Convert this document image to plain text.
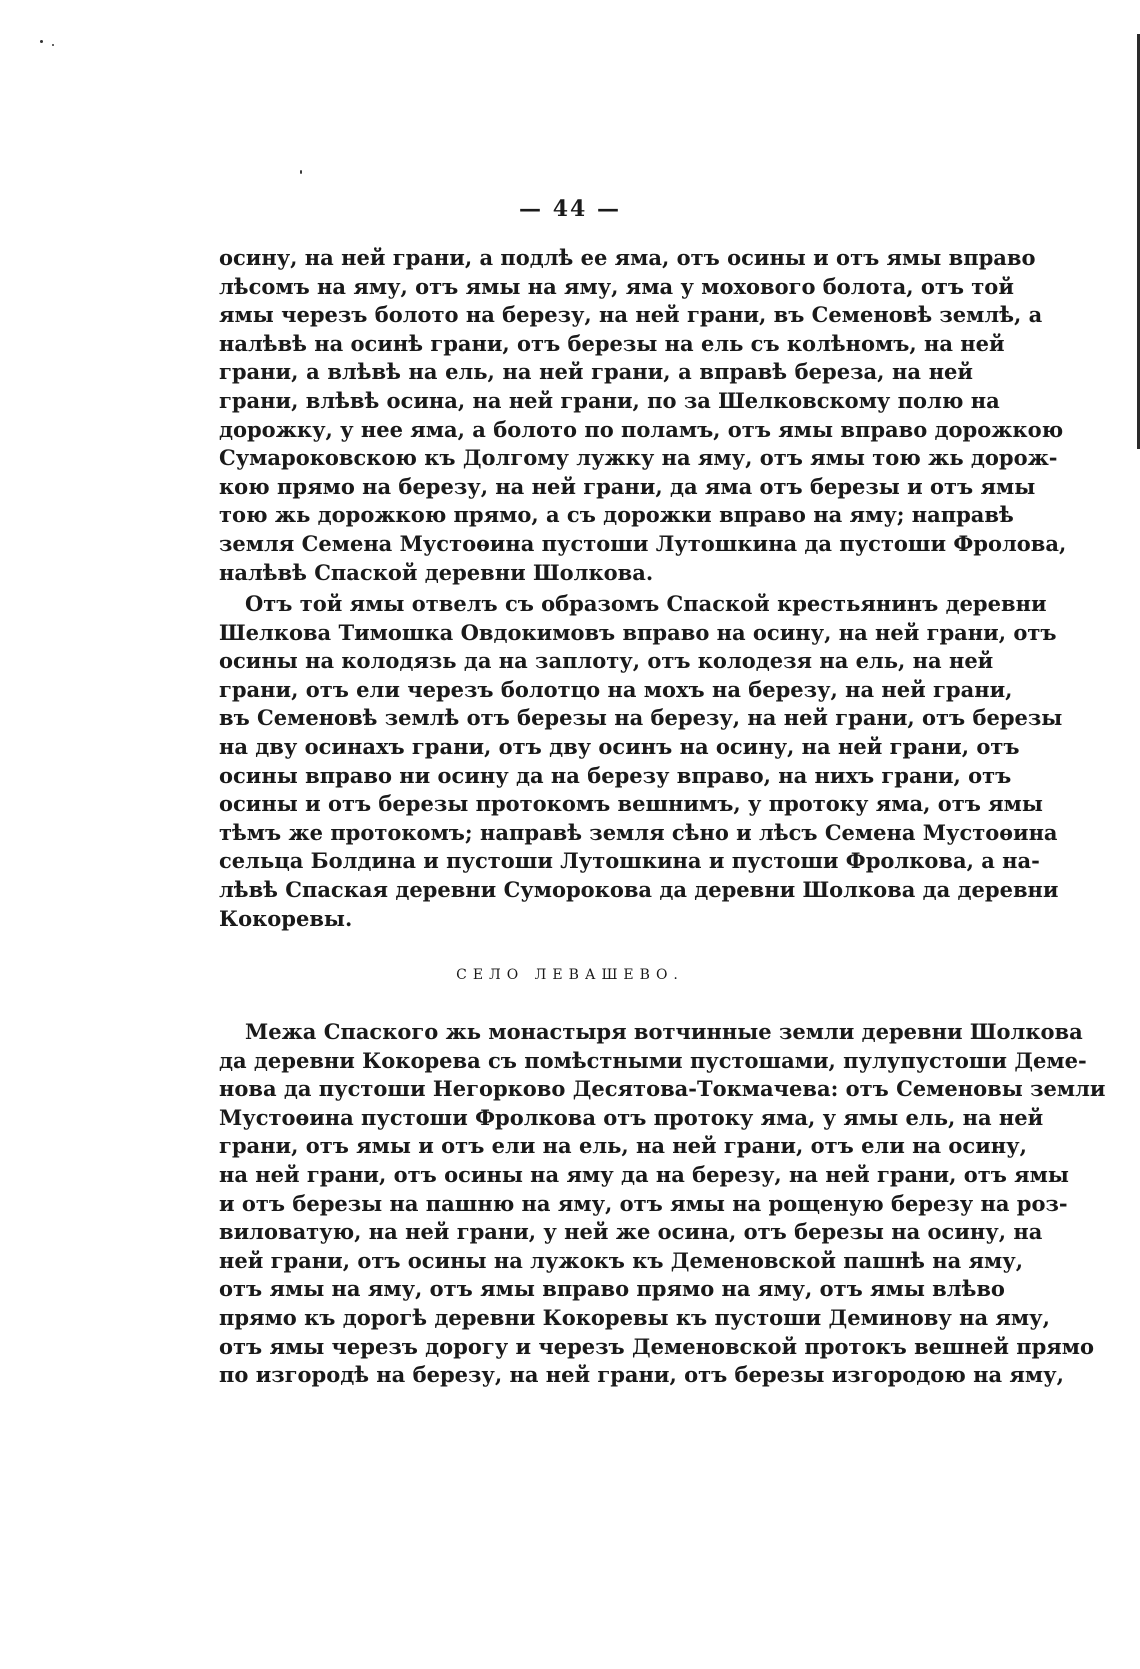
— 44 —
осину, на ней грани, а подлѣ ее яма, отъ осины и отъ ямы вправо
лѣсомъ на яму, отъ ямы на яму, яма у мохового болота, отъ той
ямы черезъ болото на березу, на ней грани, въ Семеновѣ землѣ, а
налѣвѣ на осинѣ грани, отъ березы на ель съ колѣномъ, на ней
грани, а влѣвѣ на ель, на ней грани, а вправѣ береза, на ней
грани, влѣвѣ осина, на ней грани, по за Шелковскому полю на
дорожку, у нее яма, а болото по поламъ, отъ ямы вправо дорожкою
Сумароковскою къ Долгому лужку на яму, отъ ямы тою жь дорож-
кою прямо на березу, на ней грани, да яма отъ березы и отъ ямы
тою жь дорожкою прямо, а съ дорожки вправо на яму; направѣ
земля Семена Мустоѳина пустоши Лутошкина да пустоши Фролова,
налѣвѣ Спаской деревни Шолкова.
Отъ той ямы отвелъ съ образомъ Спаской крестьянинъ деревни
Шелкова Тимошка Овдокимовъ вправо на осину, на ней грани, отъ
осины на колодязь да на заплоту, отъ колодезя на ель, на ней
грани, отъ ели черезъ болотцо на мохъ на березу, на ней грани,
въ Семеновѣ землѣ отъ березы на березу, на ней грани, отъ березы
на дву осинахъ грани, отъ дву осинъ на осину, на ней грани, отъ
осины вправо ни осину да на березу вправо, на нихъ грани, отъ
осины и отъ березы протокомъ вешнимъ, у протоку яма, отъ ямы
тѣмъ же протокомъ; направѣ земля сѣно и лѣсъ Семена Мустоѳина
сельца Болдина и пустоши Лутошкина и пустоши Фролкова, а на-
лѣвѣ Спаская деревни Суморокова да деревни Шолкова да деревни
Кокоревы.
СЕЛО ЛЕВАШЕВО.
Межа Спаского жь монастыря вотчинные земли деревни Шолкова
да деревни Кокорева съ помѣстными пустошами, пулупустоши Деме-
нова да пустоши Негорково Десятова-Токмачева: отъ Семеновы земли
Мустоѳина пустоши Фролкова отъ протоку яма, у ямы ель, на ней
грани, отъ ямы и отъ ели на ель, на ней грани, отъ ели на осину,
на ней грани, отъ осины на яму да на березу, на ней грани, отъ ямы
и отъ березы на пашню на яму, отъ ямы на рощеную березу на роз-
виловатую, на ней грани, у ней же осина, отъ березы на осину, на
ней грани, отъ осины на лужокъ къ Деменовской пашнѣ на яму,
отъ ямы на яму, отъ ямы вправо прямо на яму, отъ ямы влѣво
прямо къ дорогѣ деревни Кокоревы къ пустоши Деминову на яму,
отъ ямы черезъ дорогу и черезъ Деменовской протокъ вешней прямо
по изгородѣ на березу, на ней грани, отъ березы изгородою на яму,
